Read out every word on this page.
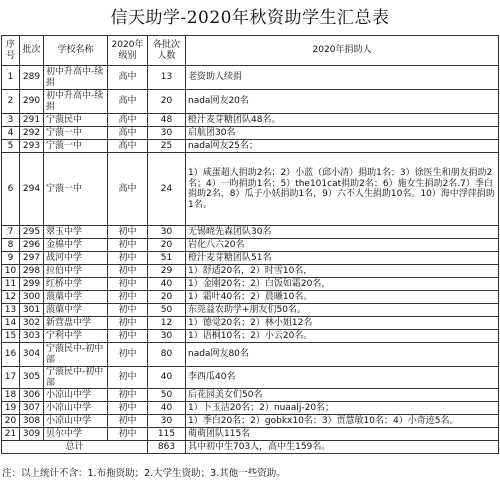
信天助学-2020年秋资助学生汇总表
序号	批次	学校名称	2020年级别	各批次人数	2020年捐助人
1	289	初中升高中-续捐	高中	13	老资助人续捐
2	290	初中升高中-续捐	高中	20	nada网友20名
3	291	宁蒗民中	高中	48	橙汁麦芽糖团队48名。
4	292	宁蒗一中	高中	30	启航团30名
5	293	宁蒗一中	高中	25	nada网友25名；
6	294	宁蒗一中	高中	24	1）咸蛋超人捐助2名；2）小蓝（邱小清）捐助1名；3）徐医生和朋友捐助2名；4）一昀捐助1名；5）the101cat捐助2名；6）施女生捐助2名.7）季白捐助2名，8）瓜子小妖捐助1名，9）六不人生捐助10名。10）海中浮萍捐助1名。
7	295	翠玉中学	初中	30	无锡晓先森团队30名
8	296	金棉中学	初中	20	岩化八六20名
9	297	战河中学	初中	51	橙汁麦芽糖团队51名
10	298	拉伯中学	初中	29	1）舒适20名，2）时雪10名，
11	299	红桥中学	初中	40	1）金刚20名；2）白饭如霜20名，
12	300	蒗蕖中学	初中	20	1）霜叶40名；2）晨曦10名。
13	301	蒗蕖中学	初中	50	东莞益农助学+朋友们50名。
14	302	新营盘中学	初中	12	1）德觉20名；2）林小姐12名
15	303	宁利中学	初中	30	1）语桐10名；2）小云20名。
16	304	宁蒗民中-初中部	初中	80	nada网友80名
17	305	宁蒗民中-初中部	初中	40	李西瓜40名
18	306	小凉山中学	初中	50	后花园美女们50名
19	307	小凉山中学	初中	40	1）卜玉洁20名；2）nuaalj-20名；
20	308	小凉山中学	初中	30	1）季白20名；2）gobkx10名；3）贾慧敏10名；4）小奇迹5名。
21	309	贝尔中学	初中	115	萌萌团队115名
总计				863	其中初中生703人，高中生159名。
注：以上统计不含：1.布拖资助；2.大学生资助；3.其他一些资助。
